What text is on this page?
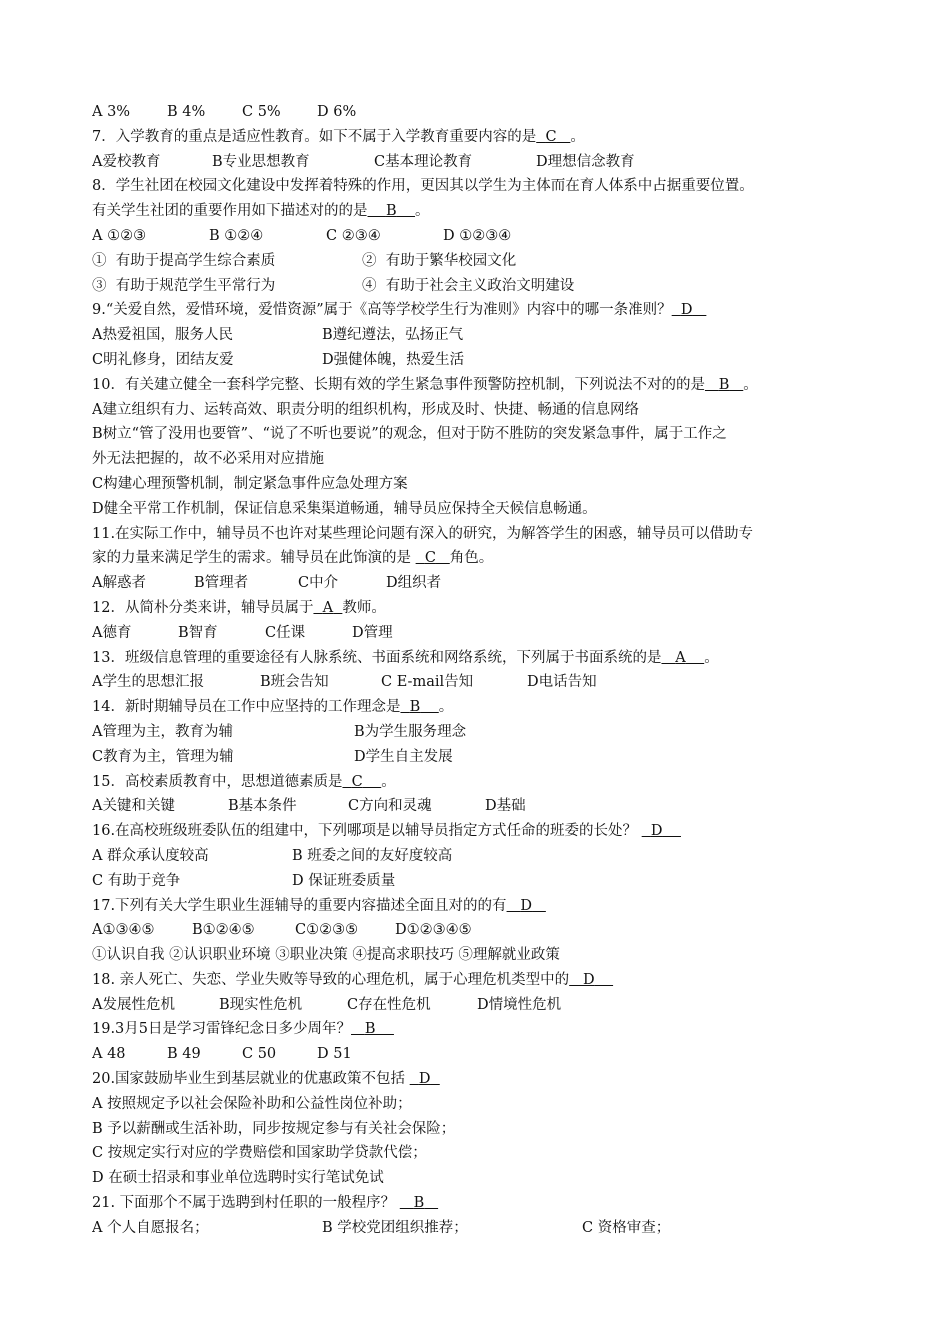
A 3%	B 4%	C 5%	D 6%
7．入学教育的重点是适应性教育。如下不属于入学教育重要内容的是 C 。
A爱校教育	B专业思想教育	C基本理论教育	D理想信念教育
8．学生社团在校园文化建设中发挥着特殊的作用，更因其以学生为主体而在育人体系中占据重要位置。
有关学生社团的重要作用如下描述对的的是 B 。
A ①②③	B ①②④	C ②③④	D ①②③④
①  有助于提高学生综合素质	②  有助于繁华校园文化
③  有助于规范学生平常行为	④  有助于社会主义政治文明建设
9.“关爱自然，爱惜环境，爱惜资源”属于《高等学校学生行为准则》内容中的哪一条准则？ D
A热爱祖国，服务人民	B遵纪遵法，弘扬正气
C明礼修身，团结友爱	D强健体魄，热爱生活
10．有关建立健全一套科学完整、长期有效的学生紧急事件预警防控机制，下列说法不对的的是 B 。
A建立组织有力、运转高效、职责分明的组织机构，形成及时、快捷、畅通的信息网络
B树立“管了没用也要管”、“说了不听也要说”的观念，但对于防不胜防的突发紧急事件，属于工作之
外无法把握的，故不必采用对应措施
C构建心理预警机制，制定紧急事件应急处理方案
D健全平常工作机制，保证信息采集渠道畅通，辅导员应保持全天候信息畅通。
11.在实际工作中，辅导员不也许对某些理论问题有深入的研究，为解答学生的困惑，辅导员可以借助专
家的力量来满足学生的需求。辅导员在此饰演的是 C 角色。
A解惑者	B管理者	C中介	D组织者
12．从简朴分类来讲，辅导员属于 A 教师。
A德育	B智育	C任课	D管理
13．班级信息管理的重要途径有人脉系统、书面系统和网络系统，下列属于书面系统的是 A 。
A学生的思想汇报	B班会告知	C E-mail告知	D电话告知
14．新时期辅导员在工作中应坚持的工作理念是 B 。
A管理为主，教育为辅	B为学生服务理念
C教育为主，管理为辅	D学生自主发展
15．高校素质教育中，思想道德素质是 C 。
A关键和关键	B基本条件	C方向和灵魂	D基础
16.在高校班级班委队伍的组建中，下列哪项是以辅导员指定方式任命的班委的长处？ D
A 群众承认度较高	B 班委之间的友好度较高
C 有助于竞争	D 保证班委质量
17.下列有关大学生职业生涯辅导的重要内容描述全面且对的的有 D
A①③④⑤	B①②④⑤	C①②③⑤	D①②③④⑤
①认识自我 ②认识职业环境 ③职业决策 ④提高求职技巧 ⑤理解就业政策
18. 亲人死亡、失恋、学业失败等导致的心理危机，属于心理危机类型中的 D
A发展性危机	B现实性危机	C存在性危机	D情境性危机
19.3月5日是学习雷锋纪念日多少周年？ B
A 48	B 49	C 50	D 51
20.国家鼓励毕业生到基层就业的优惠政策不包括 D
A 按照规定予以社会保险补助和公益性岗位补助；
B 予以薪酬或生活补助，同步按规定参与有关社会保险；
C 按规定实行对应的学费赔偿和国家助学贷款代偿；
D 在硕士招录和事业单位选聘时实行笔试免试
21. 下面那个不属于选聘到村任职的一般程序？ B
A 个人自愿报名；	B 学校党团组织推荐；	C 资格审查；
